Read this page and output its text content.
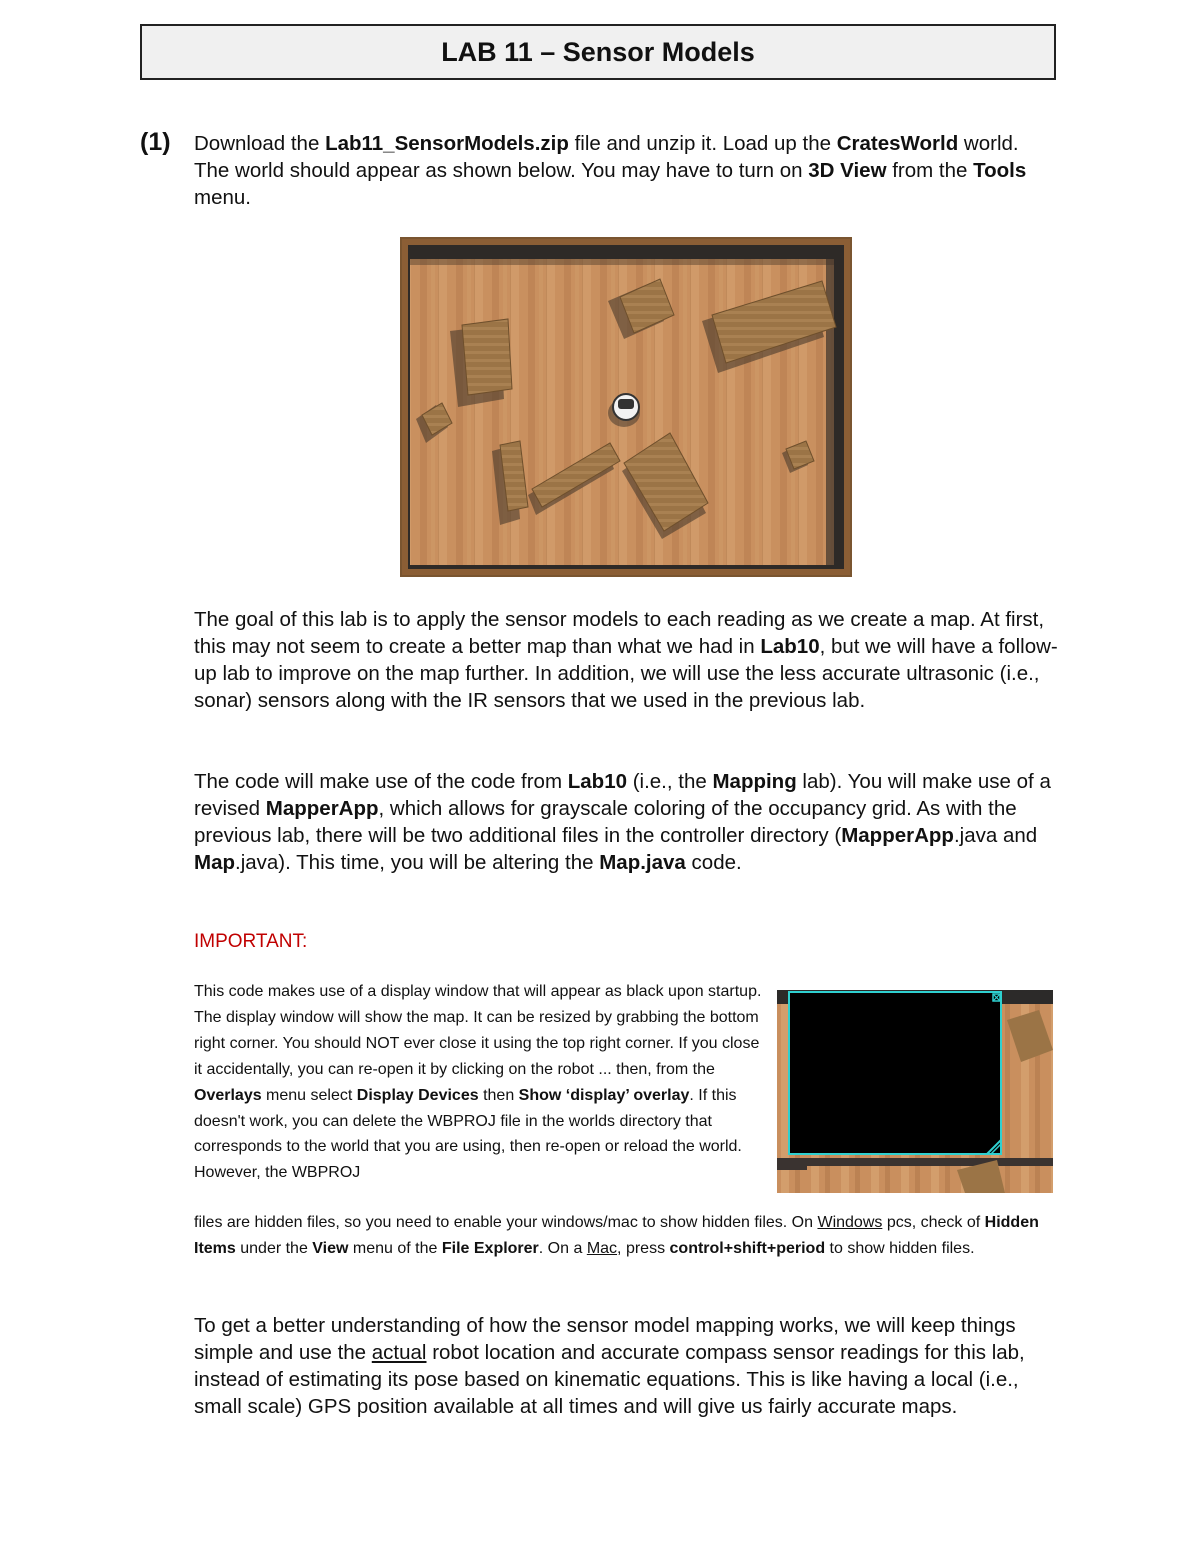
LAB 11 – Sensor Models
(1) Download the Lab11_SensorModels.zip file and unzip it. Load up the CratesWorld world. The world should appear as shown below. You may have to turn on 3D View from the Tools menu.
The goal of this lab is to apply the sensor models to each reading as we create a map. At first, this may not seem to create a better map than what we had in Lab10, but we will have a follow-up lab to improve on the map further. In addition, we will use the less accurate ultrasonic (i.e., sonar) sensors along with the IR sensors that we used in the previous lab.
The code will make use of the code from Lab10 (i.e., the Mapping lab). You will make use of a revised MapperApp, which allows for grayscale coloring of the occupancy grid. As with the previous lab, there will be two additional files in the controller directory (MapperApp.java and Map.java). This time, you will be altering the Map.java code.
IMPORTANT:
This code makes use of a display window that will appear as black upon startup. The display window will show the map. It can be resized by grabbing the bottom right corner. You should NOT ever close it using the top right corner. If you close it accidentally, you can re-open it by clicking on the robot ... then, from the Overlays menu select Display Devices then Show ‘display’ overlay. If this doesn't work, you can delete the WBPROJ file in the worlds directory that corresponds to the world that you are using, then re-open or reload the world. However, the WBPROJ
files are hidden files, so you need to enable your windows/mac to show hidden files. On Windows pcs, check of Hidden Items under the View menu of the File Explorer. On a Mac, press control+shift+period to show hidden files.
To get a better understanding of how the sensor model mapping works, we will keep things simple and use the actual robot location and accurate compass sensor readings for this lab, instead of estimating its pose based on kinematic equations. This is like having a local (i.e., small scale) GPS position available at all times and will give us fairly accurate maps.
